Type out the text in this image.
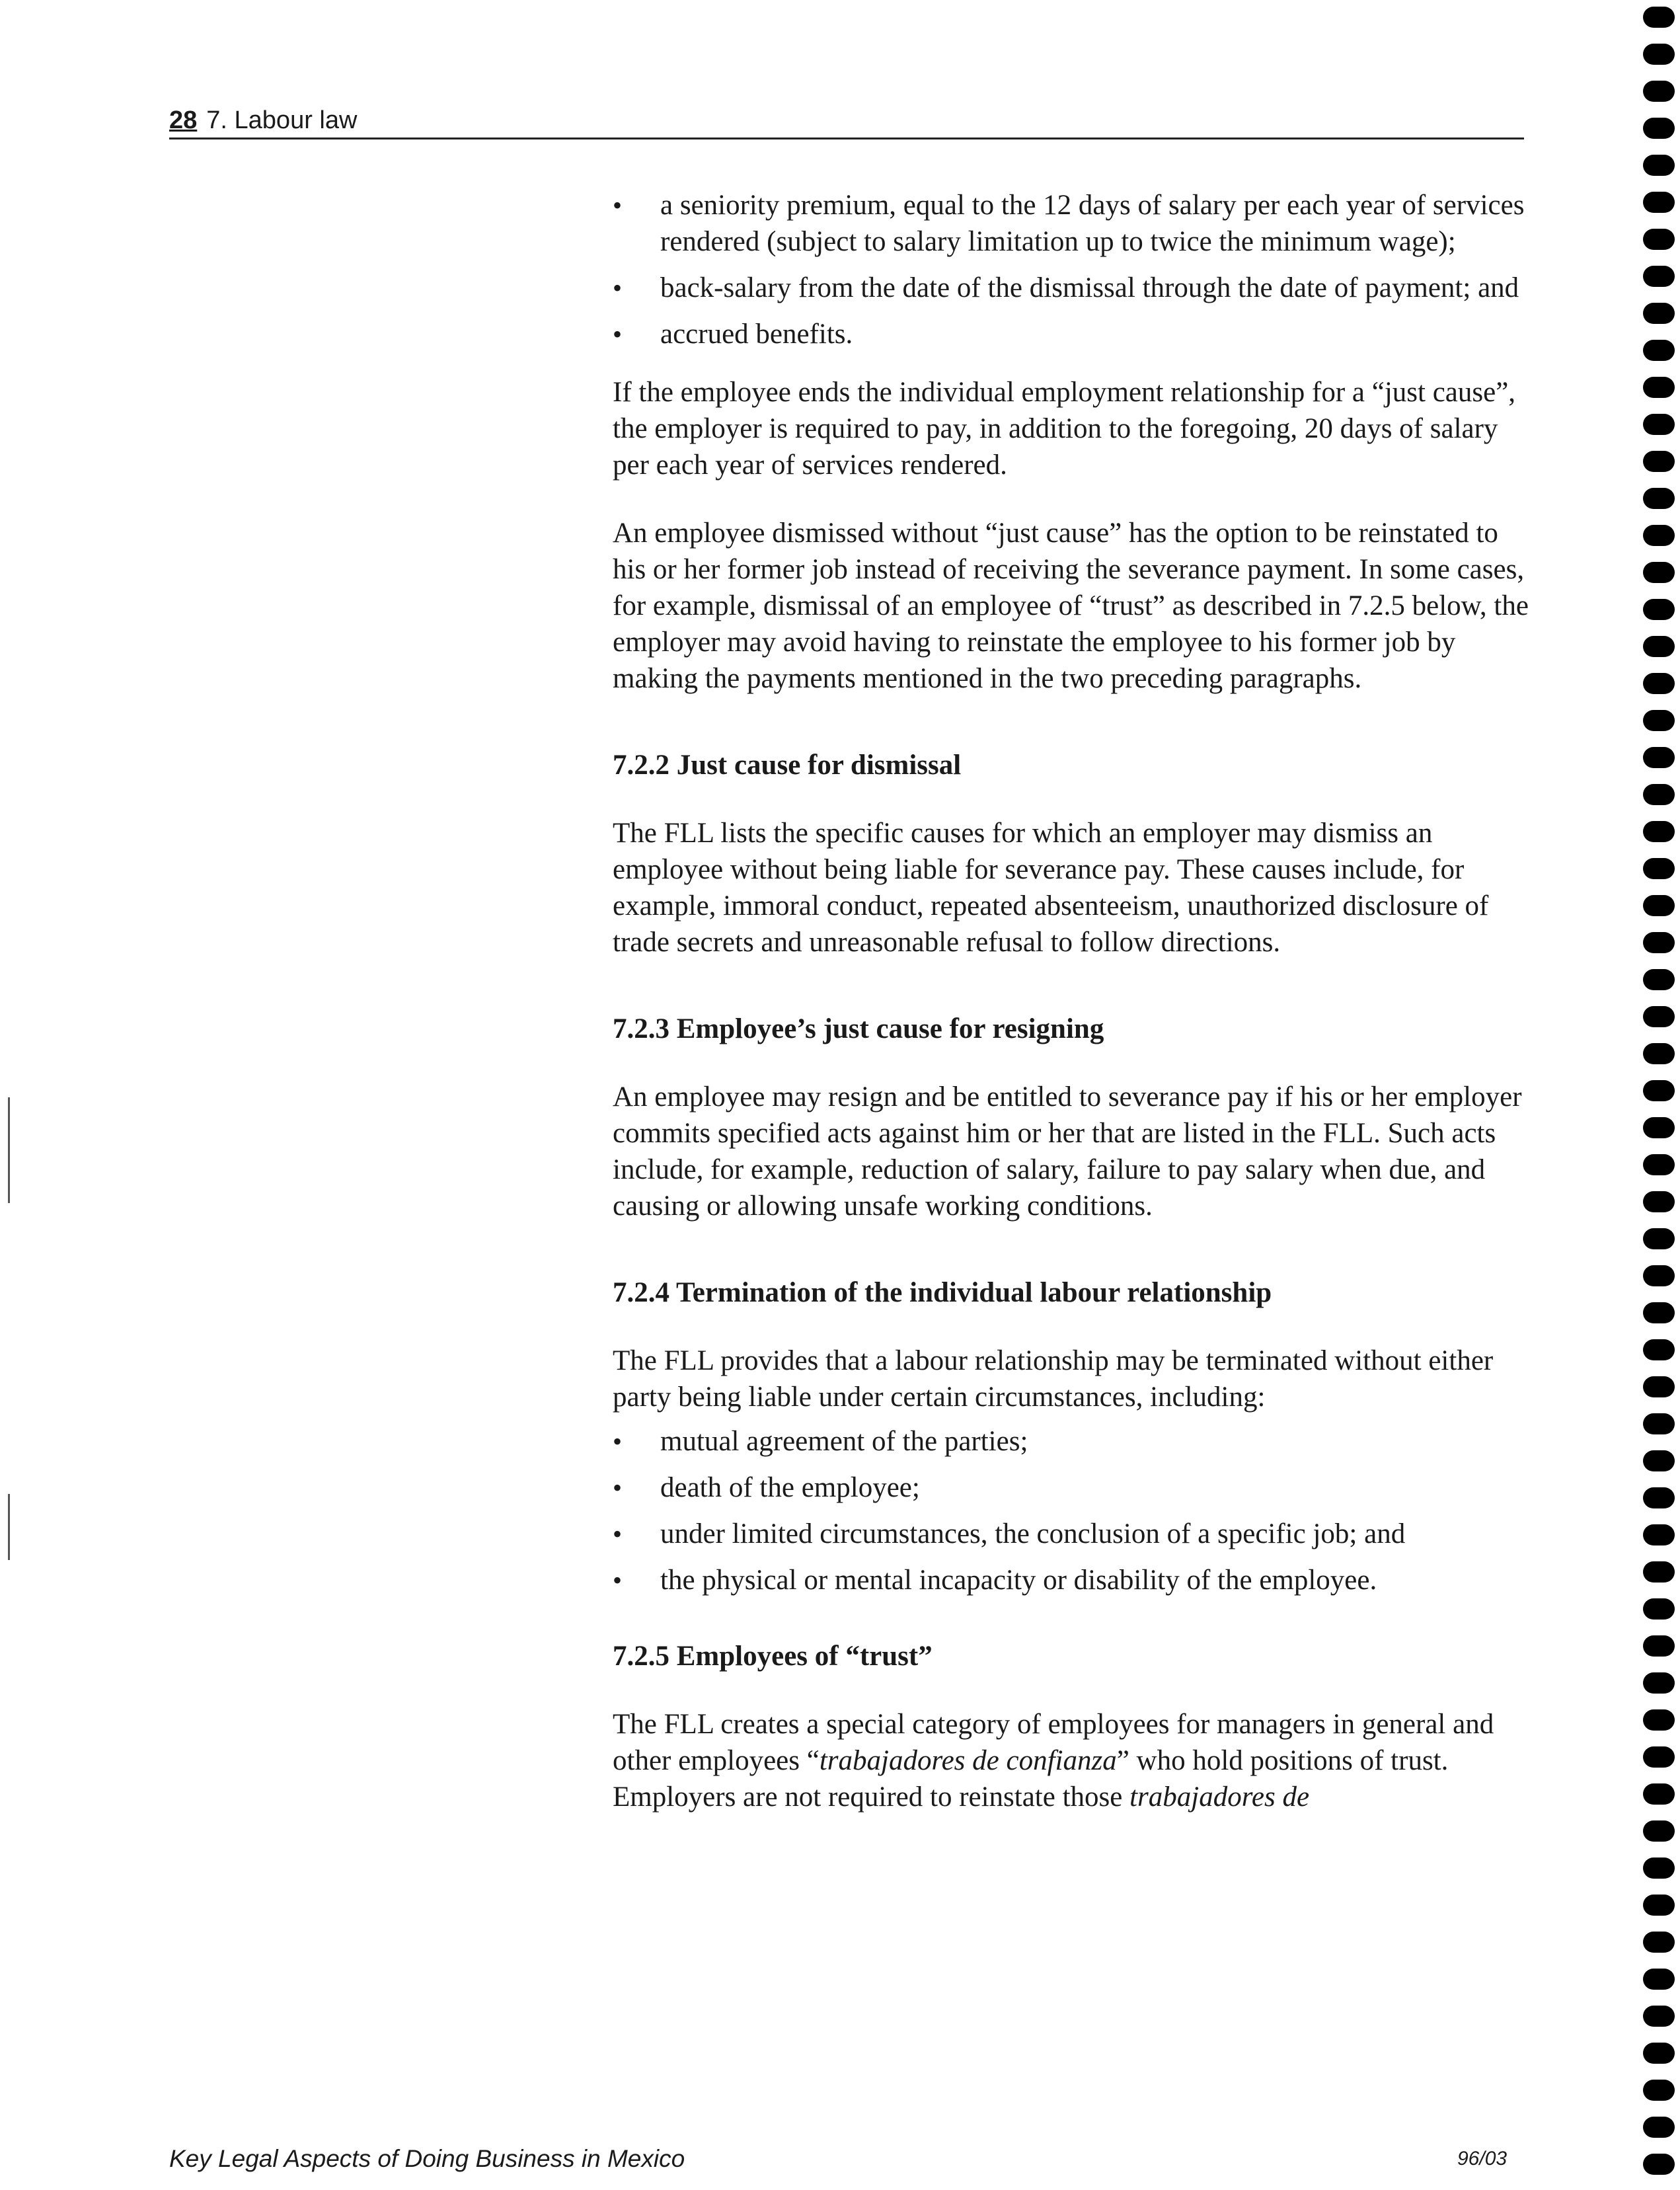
28 7. Labour law
• a seniority premium, equal to the 12 days of salary per each year of services rendered (subject to salary limitation up to twice the minimum wage);
• back-salary from the date of the dismissal through the date of payment; and
• accrued benefits.

If the employee ends the individual employment relationship for a “just cause”, the employer is required to pay, in addition to the foregoing, 20 days of salary per each year of services rendered.

An employee dismissed without “just cause” has the option to be reinstated to his or her former job instead of receiving the severance payment. In some cases, for example, dismissal of an employee of “trust” as described in 7.2.5 below, the employer may avoid having to reinstate the employee to his former job by making the payments mentioned in the two preceding paragraphs.

7.2.2 Just cause for dismissal

The FLL lists the specific causes for which an employer may dismiss an employee without being liable for severance pay. These causes include, for example, immoral conduct, repeated absenteeism, unauthorized disclosure of trade secrets and unreasonable refusal to follow directions.

7.2.3 Employee’s just cause for resigning

An employee may resign and be entitled to severance pay if his or her employer commits specified acts against him or her that are listed in the FLL. Such acts include, for example, reduction of salary, failure to pay salary when due, and causing or allowing unsafe working conditions.

7.2.4 Termination of the individual labour relationship

The FLL provides that a labour relationship may be terminated without either party being liable under certain circumstances, including:

• mutual agreement of the parties;
• death of the employee;
• under limited circumstances, the conclusion of a specific job; and
• the physical or mental incapacity or disability of the employee.
7.2.5 Employees of “trust”

The FLL creates a special category of employees for managers in general and other employees “trabajadores de confianza” who hold positions of trust. Employers are not required to reinstate those trabajadores de

Key Legal Aspects of Doing Business in Mexico	96/03
